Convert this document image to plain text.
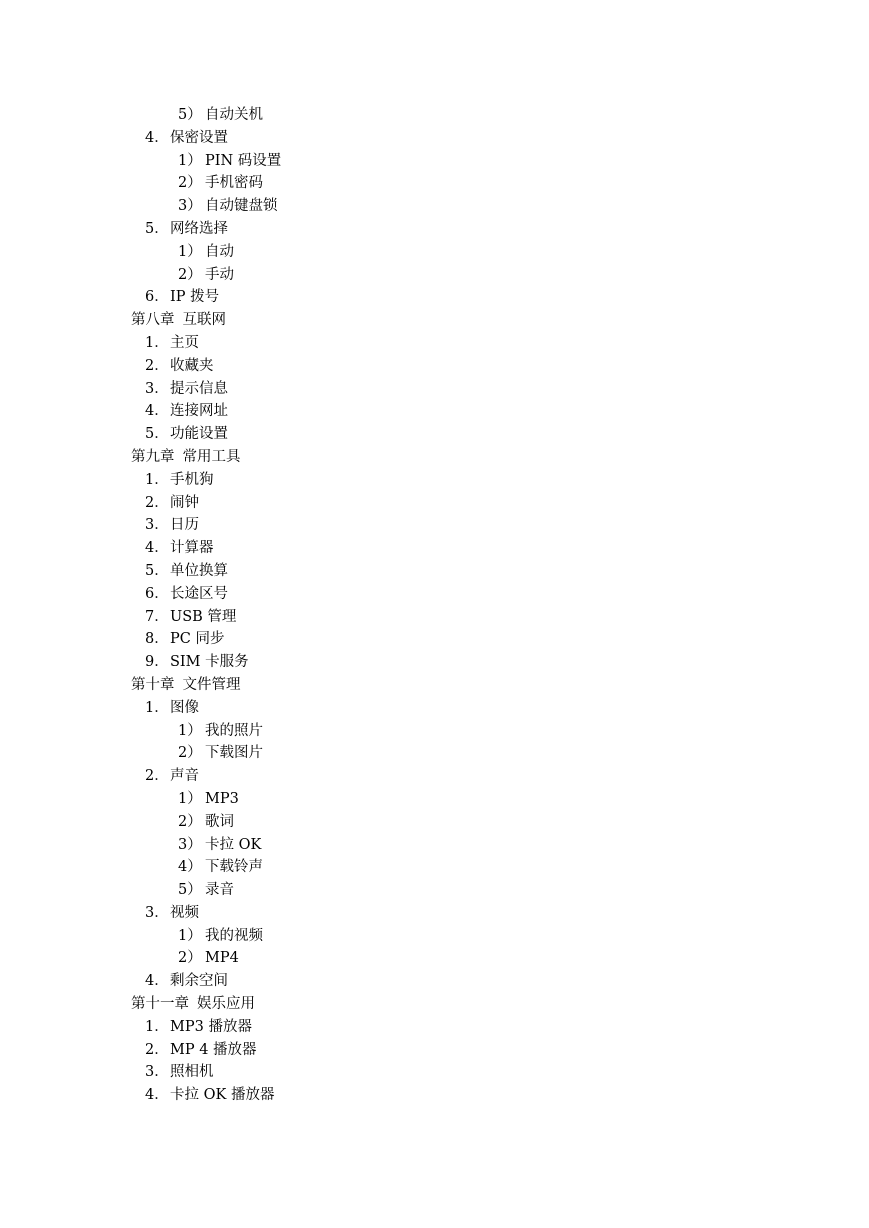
5） 自动关机
4． 保密设置
1） PIN 码设置
2） 手机密码
3） 自动键盘锁
5． 网络选择
1） 自动
2） 手动
6． IP 拨号
第八章 互联网
1． 主页
2． 收藏夹
3． 提示信息
4． 连接网址
5． 功能设置
第九章 常用工具
1． 手机狗
2． 闹钟
3． 日历
4． 计算器
5． 单位换算
6． 长途区号
7． USB 管理
8． PC 同步
9． SIM 卡服务
第十章 文件管理
1． 图像
1） 我的照片
2） 下载图片
2． 声音
1） MP3
2） 歌词
3） 卡拉 OK
4） 下载铃声
5） 录音
3． 视频
1） 我的视频
2） MP4
4． 剩余空间
第十一章 娱乐应用
1． MP3 播放器
2． MP 4 播放器
3． 照相机
4． 卡拉 OK 播放器
